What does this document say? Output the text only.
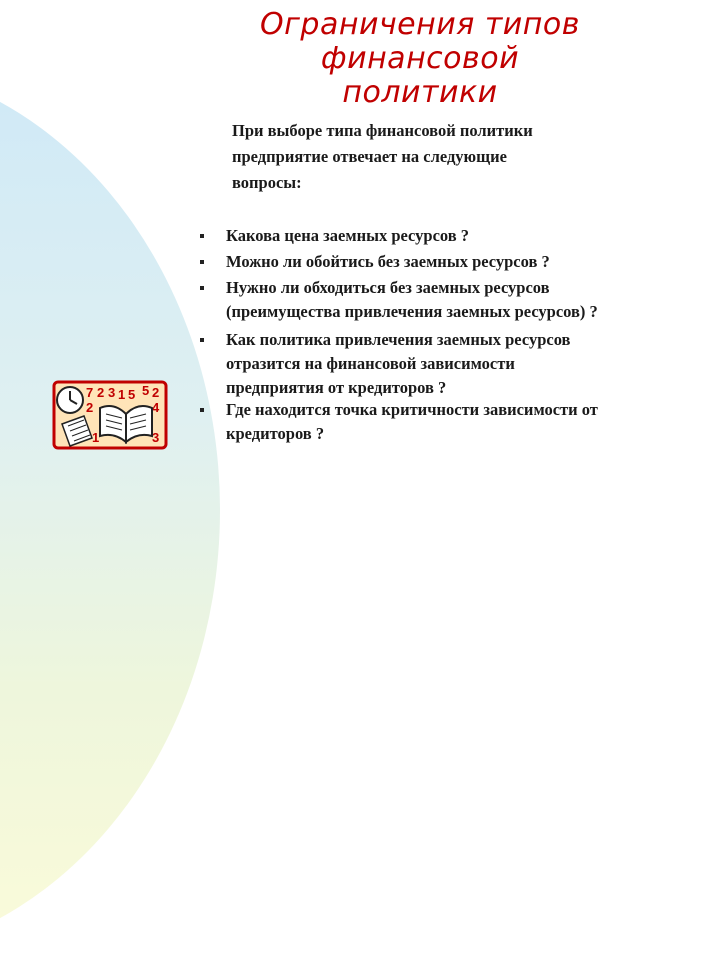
Ограничения типов
финансовой
политики
При выборе типа финансовой политики
предприятие отвечает на следующие
вопросы:
Какова цена заемных ресурсов ?
Можно ли обойтись без заемных ресурсов ?
Нужно ли обходиться без заемных ресурсов
(преимущества привлечения заемных ресурсов) ?
Как политика привлечения заемных ресурсов
отразится на финансовой зависимости
предприятия от кредиторов ?
Где находится точка критичности зависимости от
кредиторов ?
7 2 3 1 5 5 2
2	4
1	3
